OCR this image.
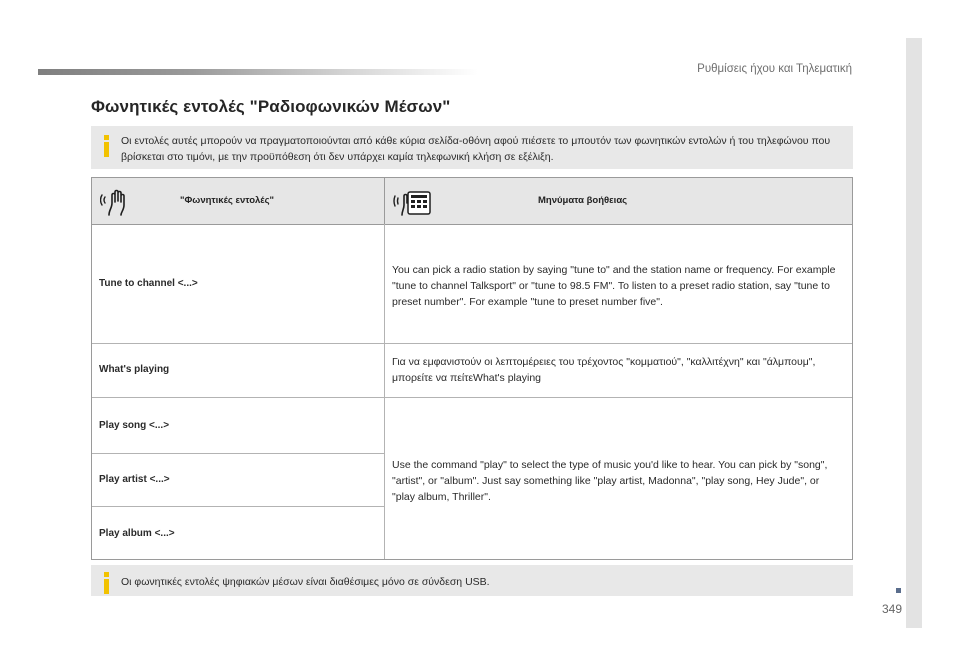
Ρυθμίσεις ήχου και Τηλεματική
349
Φωνητικές εντολές "Ραδιοφωνικών Μέσων"
Οι εντολές αυτές μπορούν να πραγματοποιούνται από κάθε κύρια σελίδα-οθόνη αφού πιέσετε το μπουτόν των φωνητικών εντολών ή του τηλεφώνου που βρίσκεται στο τιμόνι, με την προϋπόθεση ότι δεν υπάρχει καμία τηλεφωνική κλήση σε εξέλιξη.
"Φωνητικές εντολές"	Μηνύματα βοήθειας
Tune to channel <...>
You can pick a radio station by saying "tune to" and the station name or frequency. For example "tune to channel Talksport" or "tune to 98.5 FM". To listen to a preset radio station, say "tune to preset number". For example "tune to preset number five".
What's playing
Για να εμφανιστούν οι λεπτομέρειες του τρέχοντος "κομματιού", "καλλιτέχνη" και "άλμπουμ", μπορείτε να πείτεWhat's playing
Play song <...>
Play artist <...>
Play album <...>
Use the command "play" to select the type of music you'd like to hear. You can pick by "song", "artist", or "album". Just say something like "play artist, Madonna", "play song, Hey Jude", or "play album, Thriller".
Οι φωνητικές εντολές ψηφιακών μέσων είναι διαθέσιμες μόνο σε σύνδεση USB.
